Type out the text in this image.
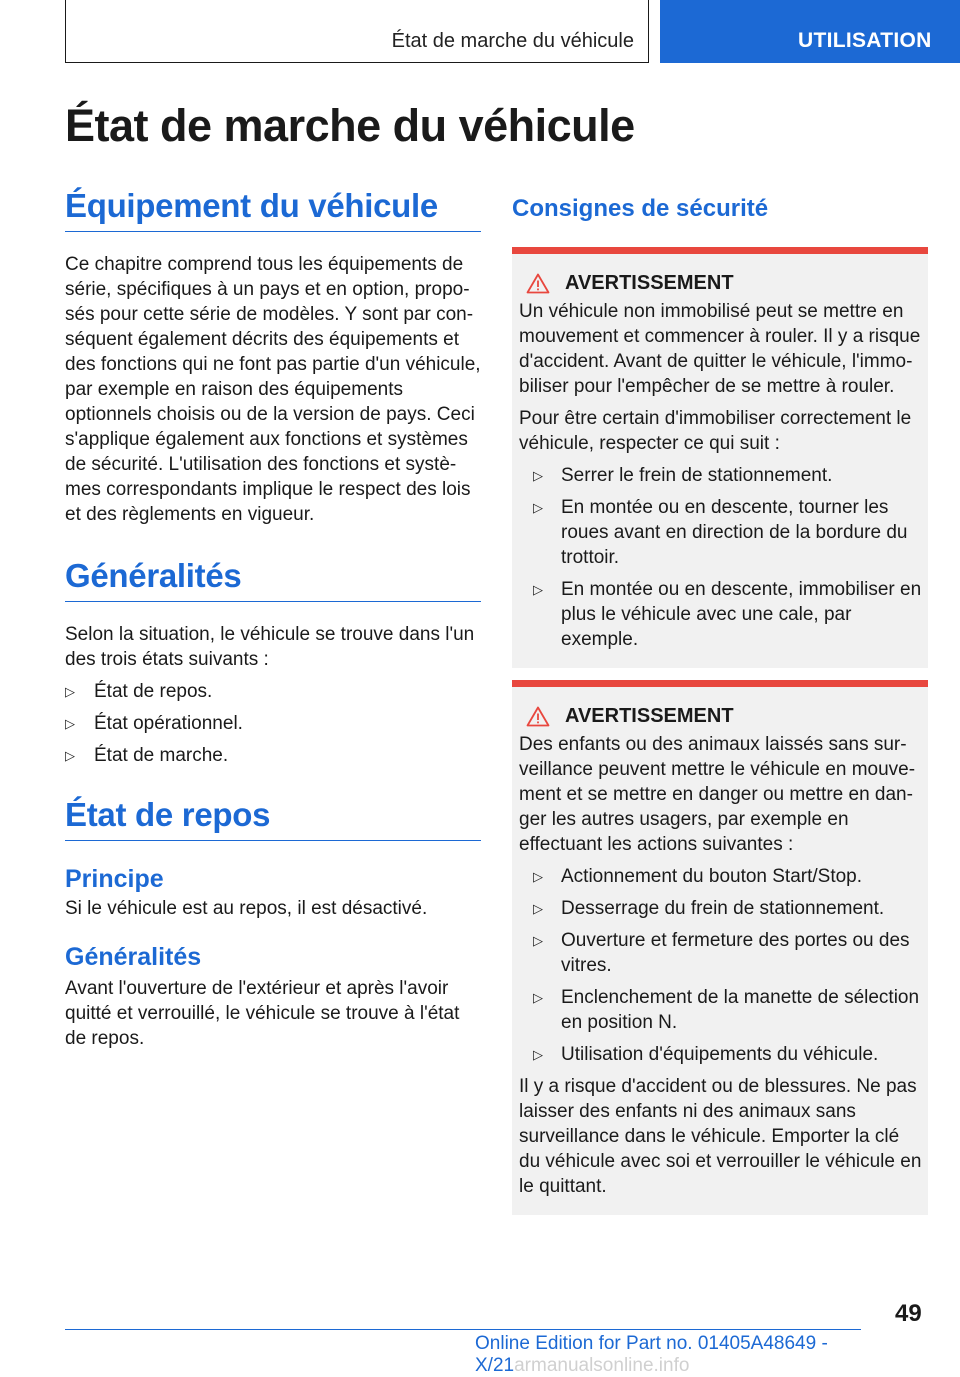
État de marche du véhicule	UTILISATION
État de marche du véhicule
Équipement du véhicule

Ce chapitre comprend tous les équipements de série, spécifiques à un pays et en option, proposés pour cette série de modèles. Y sont par conséquent également décrits des équipements et des fonctions qui ne font pas partie d'un véhicule, par exemple en raison des équipements optionnels choisis ou de la version de pays. Ceci s'applique également aux fonctions et systèmes de sécurité. L'utilisation des fonctions et systèmes correspondants implique le respect des lois et des règlements en vigueur.

Généralités

Selon la situation, le véhicule se trouve dans l'un des trois états suivants :

▷ État de repos.
▷ État opérationnel.
▷ État de marche.
État de repos
Principe

Si le véhicule est au repos, il est désactivé.

Généralités

Avant l'ouverture de l'extérieur et après l'avoir quitté et verrouillé, le véhicule se trouve à l'état de repos.

Consignes de sécurité
AVERTISSEMENT

Un véhicule non immobilisé peut se mettre en mouvement et commencer à rouler. Il y a risque d'accident. Avant de quitter le véhicule, l'immobiliser pour l'empêcher de se mettre à rouler.

Pour être certain d'immobiliser correctement le véhicule, respecter ce qui suit :

▷ Serrer le frein de stationnement.
▷ En montée ou en descente, tourner les roues avant en direction de la bordure du trottoir.
▷ En montée ou en descente, immobiliser en plus le véhicule avec une cale, par exemple.
AVERTISSEMENT

Des enfants ou des animaux laissés sans surveillance peuvent mettre le véhicule en mouvement et se mettre en danger ou mettre en danger les autres usagers, par exemple en effectuant les actions suivantes :

▷ Actionnement du bouton Start/Stop.
▷ Desserrage du frein de stationnement.
▷ Ouverture et fermeture des portes ou des vitres.
▷ Enclenchement de la manette de sélection en position N.
▷ Utilisation d'équipements du véhicule.

Il y a risque d'accident ou de blessures. Ne pas laisser des enfants ni des animaux sans surveillance dans le véhicule. Emporter la clé du véhicule avec soi et verrouiller le véhicule en le quittant.

49
Online Edition for Part no. 01405A48649 - X/21armanualsonline.info
